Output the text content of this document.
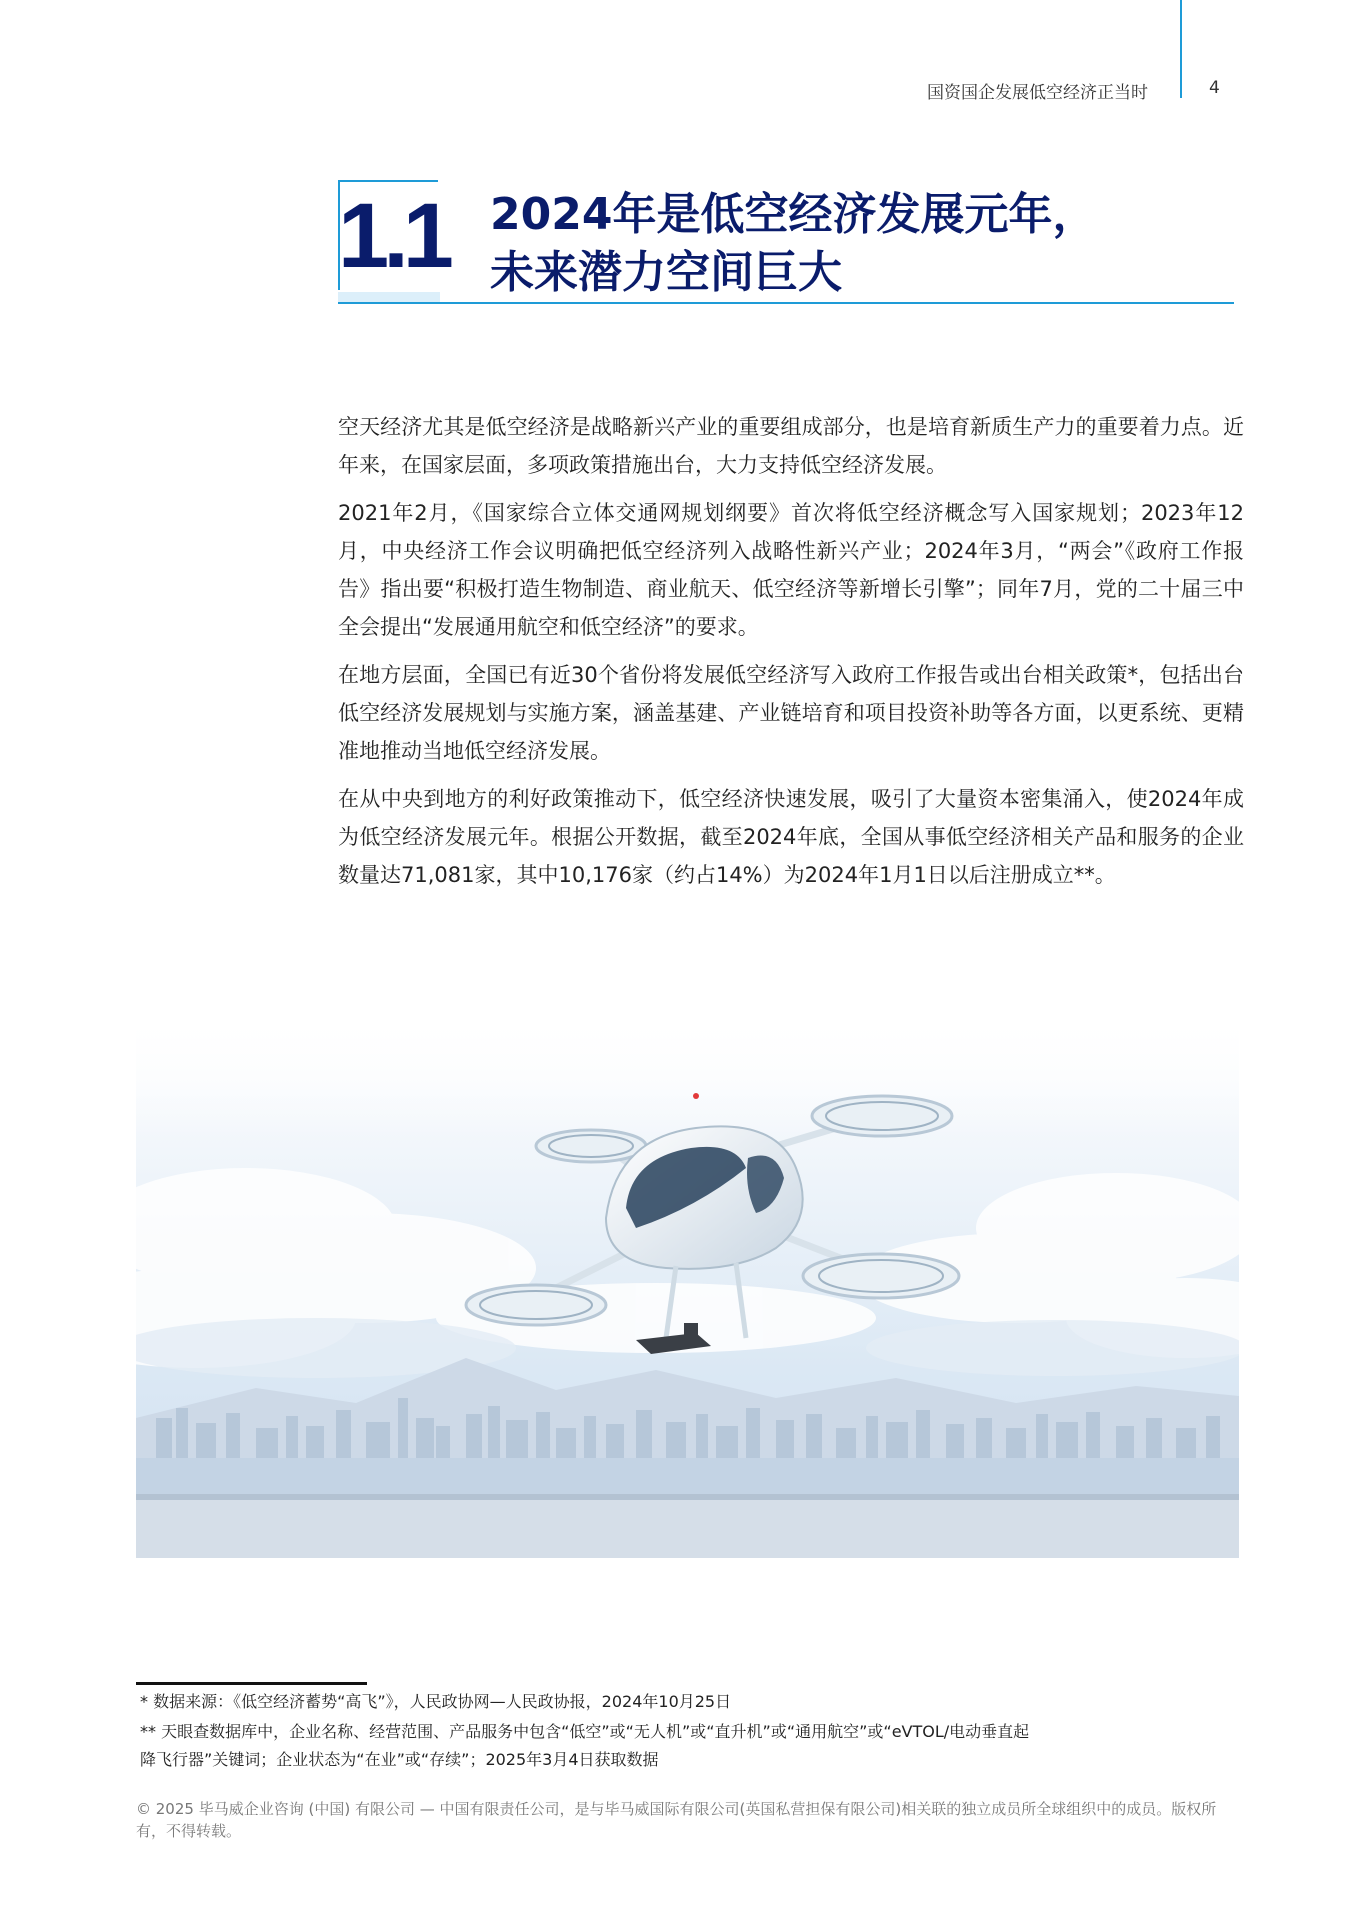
国资国企发展低空经济正当时	4
1.1 2024年是低空经济发展元年，
未来潜力空间巨大

空天经济尤其是低空经济是战略新兴产业的重要组成部分，也是培育新质生产力的重要着力点。近年来，在国家层面，多项政策措施出台，大力支持低空经济发展。

2021年2月，《国家综合立体交通网规划纲要》首次将低空经济概念写入国家规划；2023年12月，中央经济工作会议明确把低空经济列入战略性新兴产业；2024年3月，“两会”《政府工作报告》指出要“积极打造生物制造、商业航天、低空经济等新增长引擎”；同年7月，党的二十届三中全会提出“发展通用航空和低空经济”的要求。

在地方层面，全国已有近30个省份将发展低空经济写入政府工作报告或出台相关政策*，包括出台低空经济发展规划与实施方案，涵盖基建、产业链培育和项目投资补助等各方面，以更系统、更精准地推动当地低空经济发展。

在从中央到地方的利好政策推动下，低空经济快速发展，吸引了大量资本密集涌入，使2024年成为低空经济发展元年。根据公开数据，截至2024年底，全国从事低空经济相关产品和服务的企业数量达71,081家，其中10,176家（约占14%）为2024年1月1日以后注册成立**。

* 数据来源：《低空经济蓄势“高飞”》，人民政协网—人民政协报，2024年10月25日
** 天眼查数据库中，企业名称、经营范围、产品服务中包含“低空”或“无人机”或“直升机”或“通用航空”或“eVTOL/电动垂直起
降飞行器”关键词；企业状态为“在业”或“存续”；2025年3月4日获取数据
© 2025 毕马威企业咨询 (中国) 有限公司 — 中国有限责任公司，是与毕马威国际有限公司(英国私营担保有限公司)相关联的独立成员所全球组织中的成员。版权所有，不得转载。
